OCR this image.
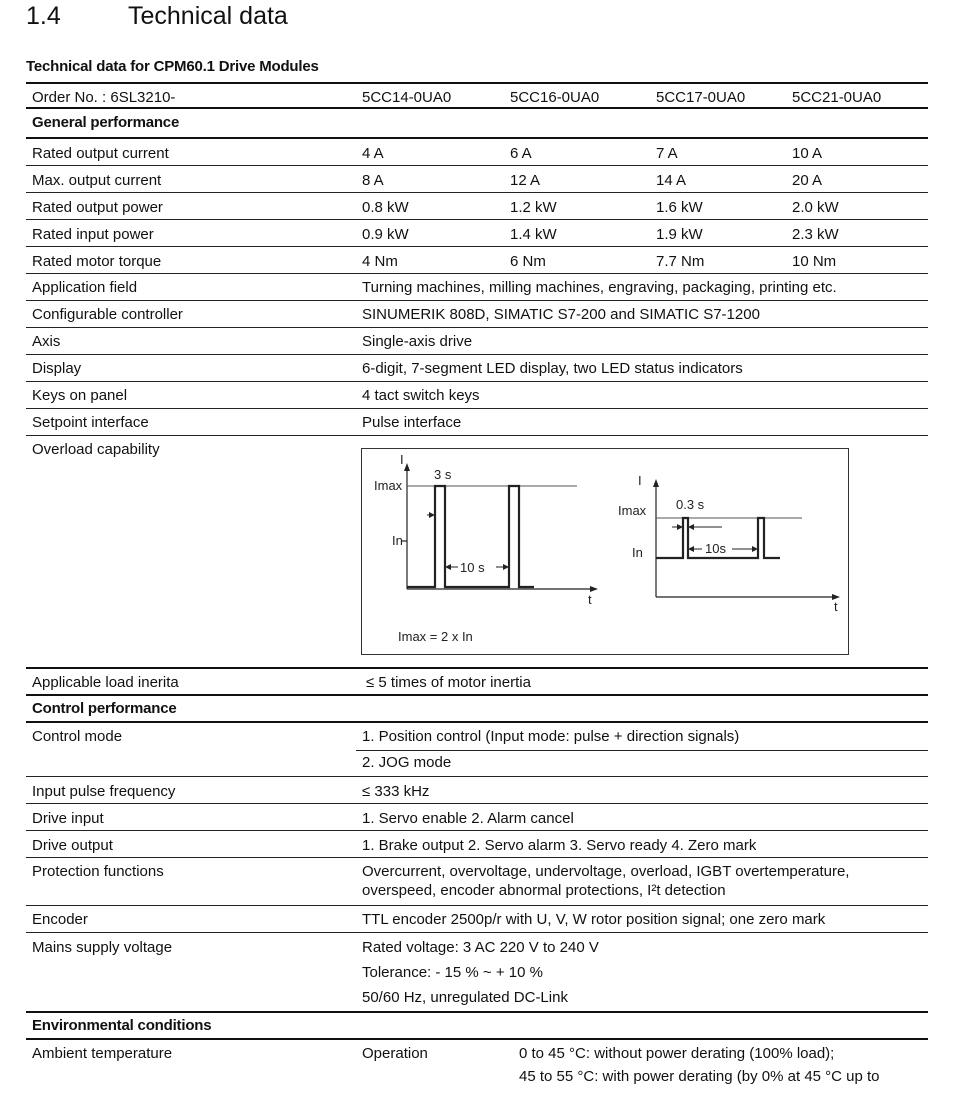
1.4	Technical data
Technical data for CPM60.1 Drive Modules
Order No. : 6SL3210-	5CC14-0UA0	5CC16-0UA0	5CC17-0UA0	5CC21-0UA0
General performance
Rated output current	4 A	6 A	7 A	10 A
Max. output current	8 A	12 A	14 A	20 A
Rated output power	0.8 kW	1.2 kW	1.6 kW	2.0 kW
Rated input power	0.9 kW	1.4 kW	1.9 kW	2.3 kW
Rated motor torque	4 Nm	6 Nm	7.7 Nm	10 Nm
Application field	Turning machines, milling machines, engraving, packaging, printing etc.
Configurable controller	SINUMERIK 808D, SIMATIC S7-200 and SIMATIC S7-1200
Axis	Single-axis drive
Display	6-digit, 7-segment LED display, two LED status indicators
Keys on panel	4 tact switch keys
Setpoint interface	Pulse interface
Overload capability
I
Imax
In
3 s
10 s
t
Imax = 2 x In
I
Imax
In
0.3 s
10s
t
Applicable load inerita	≤ 5 times of motor inertia
Control performance
Control mode	1. Position control (Input mode: pulse + direction signals)
2. JOG mode
Input pulse frequency	≤ 333 kHz
Drive input	1. Servo enable 2. Alarm cancel
Drive output	1. Brake output 2. Servo alarm 3. Servo ready 4. Zero mark
Protection functions	Overcurrent, overvoltage, undervoltage, overload, IGBT overtemperature, overspeed, encoder abnormal protections, I²t detection
Encoder	TTL encoder 2500p/r with U, V, W rotor position signal; one zero mark
Mains supply voltage	Rated voltage: 3 AC 220 V to 240 V
Tolerance: - 15 % ~ + 10 %
50/60 Hz, unregulated DC-Link
Environmental conditions
Ambient temperature	Operation	0 to 45 °C: without power derating (100% load);
45 to 55 °C: with power derating (by 0% at 45 °C up to
